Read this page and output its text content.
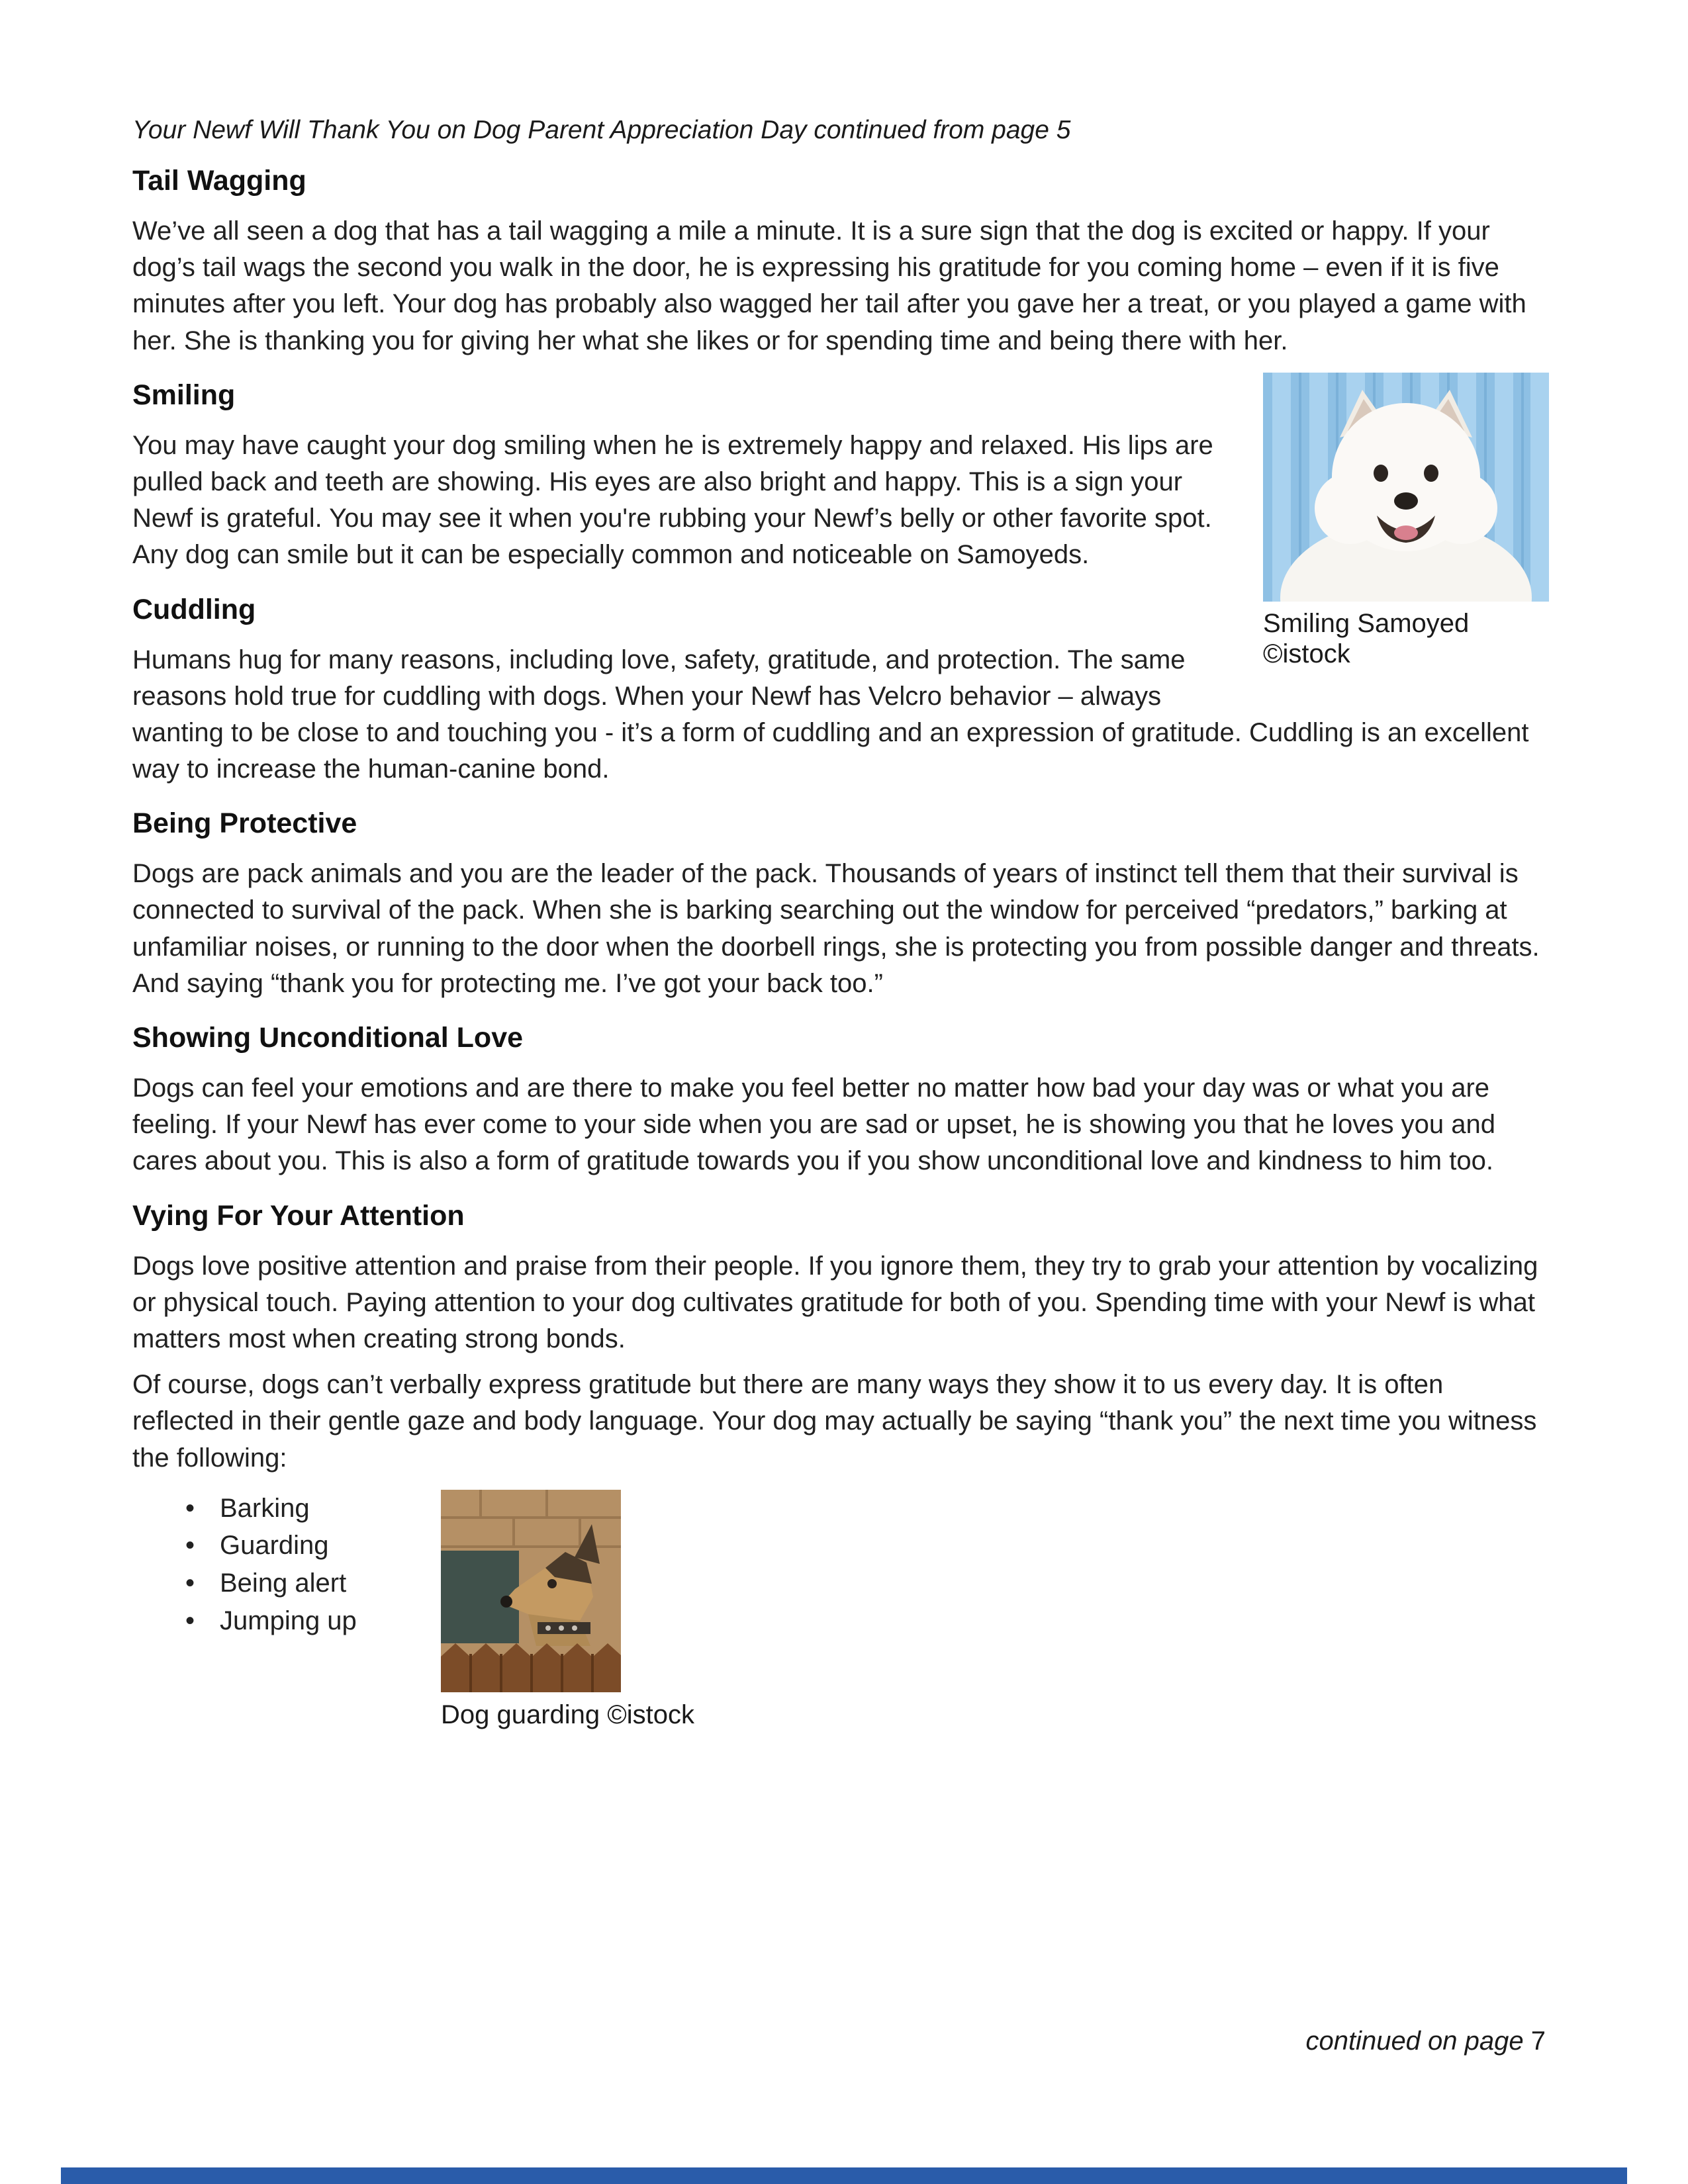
Your Newf Will Thank You on Dog Parent Appreciation Day continued from page 5

Tail Wagging

We’ve all seen a dog that has a tail wagging a mile a minute. It is a sure sign that the dog is excited or happy. If your dog’s tail wags the second you walk in the door, he is expressing his gratitude for you coming home – even if it is five minutes after you left. Your dog has probably also wagged her tail after you gave her a treat, or you played a game with her. She is thanking you for giving her what she likes or for spending time and being there with her.

Smiling Samoyed
©istock
Smiling

You may have caught your dog smiling when he is extremely happy and relaxed. His lips are pulled back and teeth are showing. His eyes are also bright and happy. This is a sign your Newf is grateful. You may see it when you're rubbing your Newf’s belly or other favorite spot. Any dog can smile but it can be especially common and noticeable on Samoyeds.

Cuddling

Humans hug for many reasons, including love, safety, gratitude, and protection. The same reasons hold true for cuddling with dogs. When your Newf has Velcro behavior – always wanting to be close to and touching you - it’s a form of cuddling and an expression of gratitude. Cuddling is an excellent way to increase the human-canine bond.

Being Protective

Dogs are pack animals and you are the leader of the pack. Thousands of years of instinct tell them that their survival is connected to survival of the pack. When she is barking searching out the window for perceived “predators,” barking at unfamiliar noises, or running to the door when the doorbell rings, she is protecting you from possible danger and threats. And saying “thank you for protecting me. I’ve got your back too.”

Showing Unconditional Love

Dogs can feel your emotions and are there to make you feel better no matter how bad your day was or what you are feeling. If your Newf has ever come to your side when you are sad or upset, he is showing you that he loves you and cares about you. This is also a form of gratitude towards you if you show unconditional love and kindness to him too.

Vying For Your Attention

Dogs love positive attention and praise from their people. If you ignore them, they try to grab your attention by vocalizing or physical touch. Paying attention to your dog cultivates gratitude for both of you. Spending time with your Newf is what matters most when creating strong bonds.

Of course, dogs can’t verbally express gratitude but there are many ways they show it to us every day. It is often reflected in their gentle gaze and body language. Your dog may actually be saying “thank you” the next time you witness the following:

• Barking
• Guarding
• Being alert
• Jumping up
Dog guarding ©istock

continued on page 7
